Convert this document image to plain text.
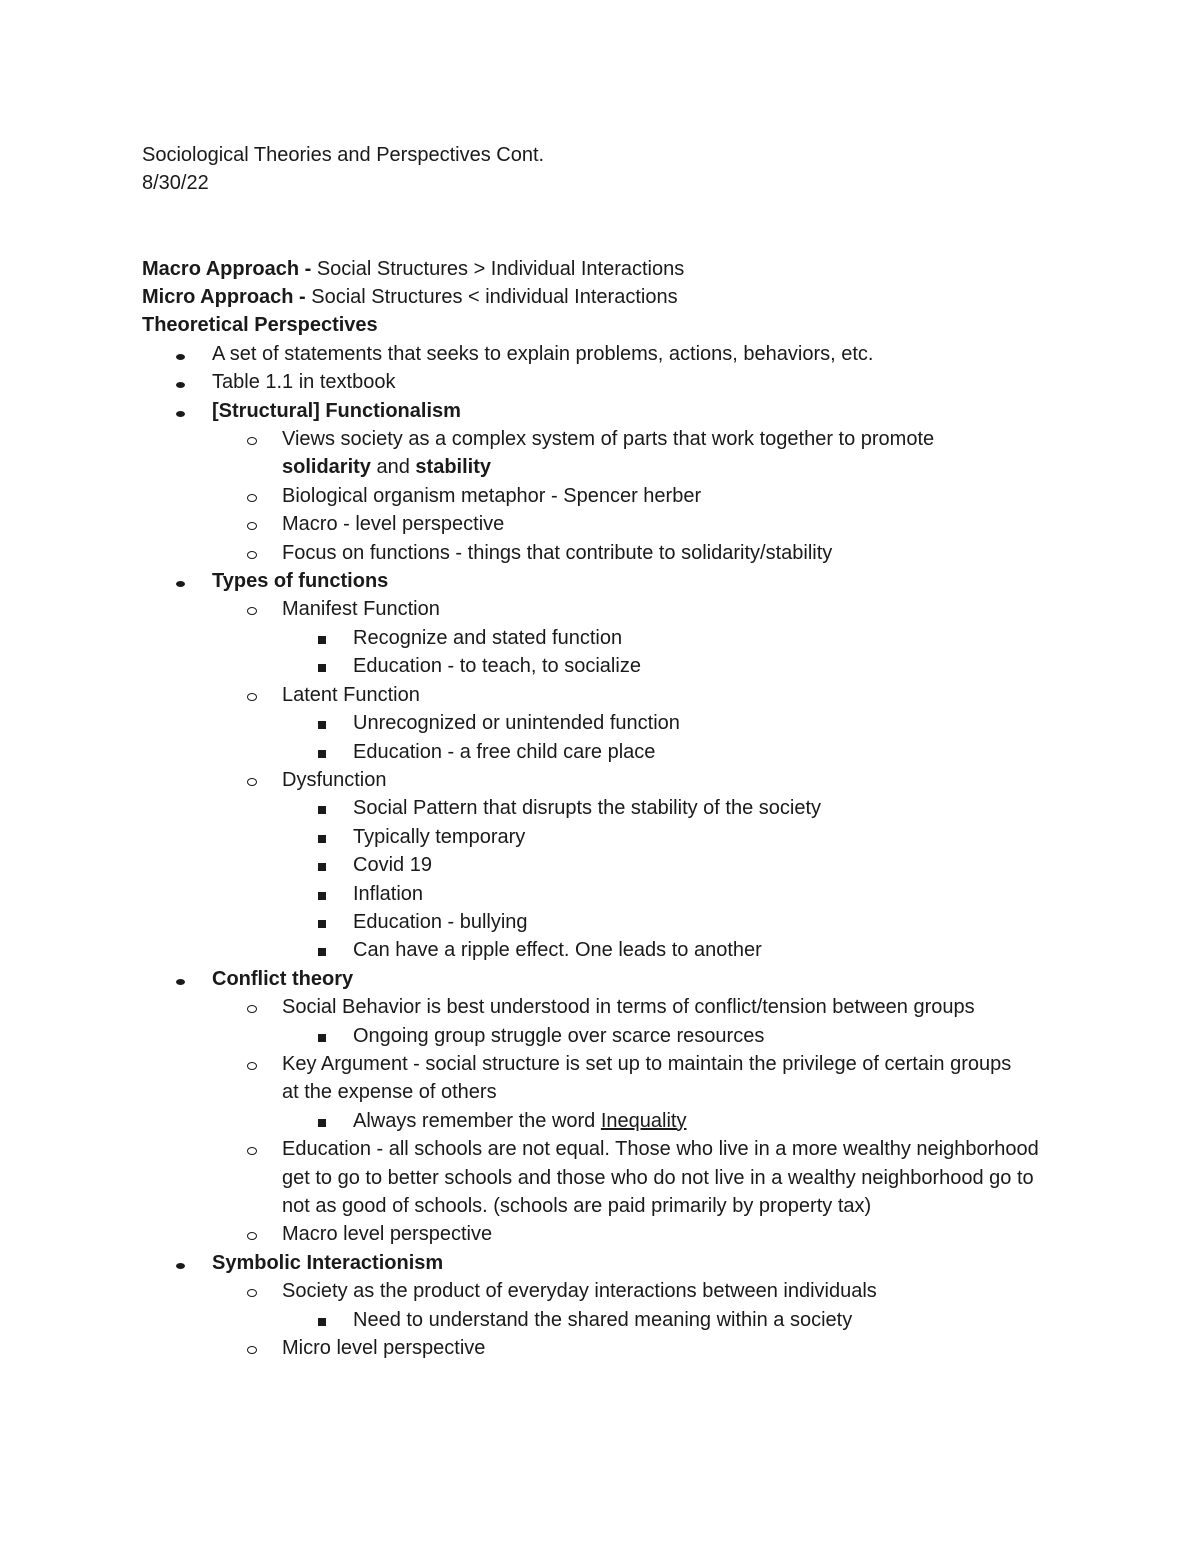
Sociological Theories and Perspectives Cont.
8/30/22
Macro Approach - Social Structures > Individual Interactions
Micro Approach - Social Structures < individual Interactions
Theoretical Perspectives
A set of statements that seeks to explain problems, actions, behaviors, etc.
Table 1.1 in textbook
[Structural] Functionalism
Views society as a complex system of parts that work together to promote
solidarity and stability
Biological organism metaphor - Spencer herber
Macro - level perspective
Focus on functions - things that contribute to solidarity/stability
Types of functions
Manifest Function
Recognize and stated function
Education - to teach, to socialize
Latent Function
Unrecognized or unintended function
Education - a free child care place
Dysfunction
Social Pattern that disrupts the stability of the society
Typically temporary
Covid 19
Inflation
Education - bullying
Can have a ripple effect. One leads to another
Conflict theory
Social Behavior is best understood in terms of conflict/tension between groups
Ongoing group struggle over scarce resources
Key Argument - social structure is set up to maintain the privilege of certain groups at the expense of others
Always remember the word Inequality
Education - all schools are not equal. Those who live in a more wealthy neighborhood get to go to better schools and those who do not live in a wealthy neighborhood go to not as good of schools. (schools are paid primarily by property tax)
Macro level perspective
Symbolic Interactionism
Society as the product of everyday interactions between individuals
Need to understand the shared meaning within a society
Micro level perspective
